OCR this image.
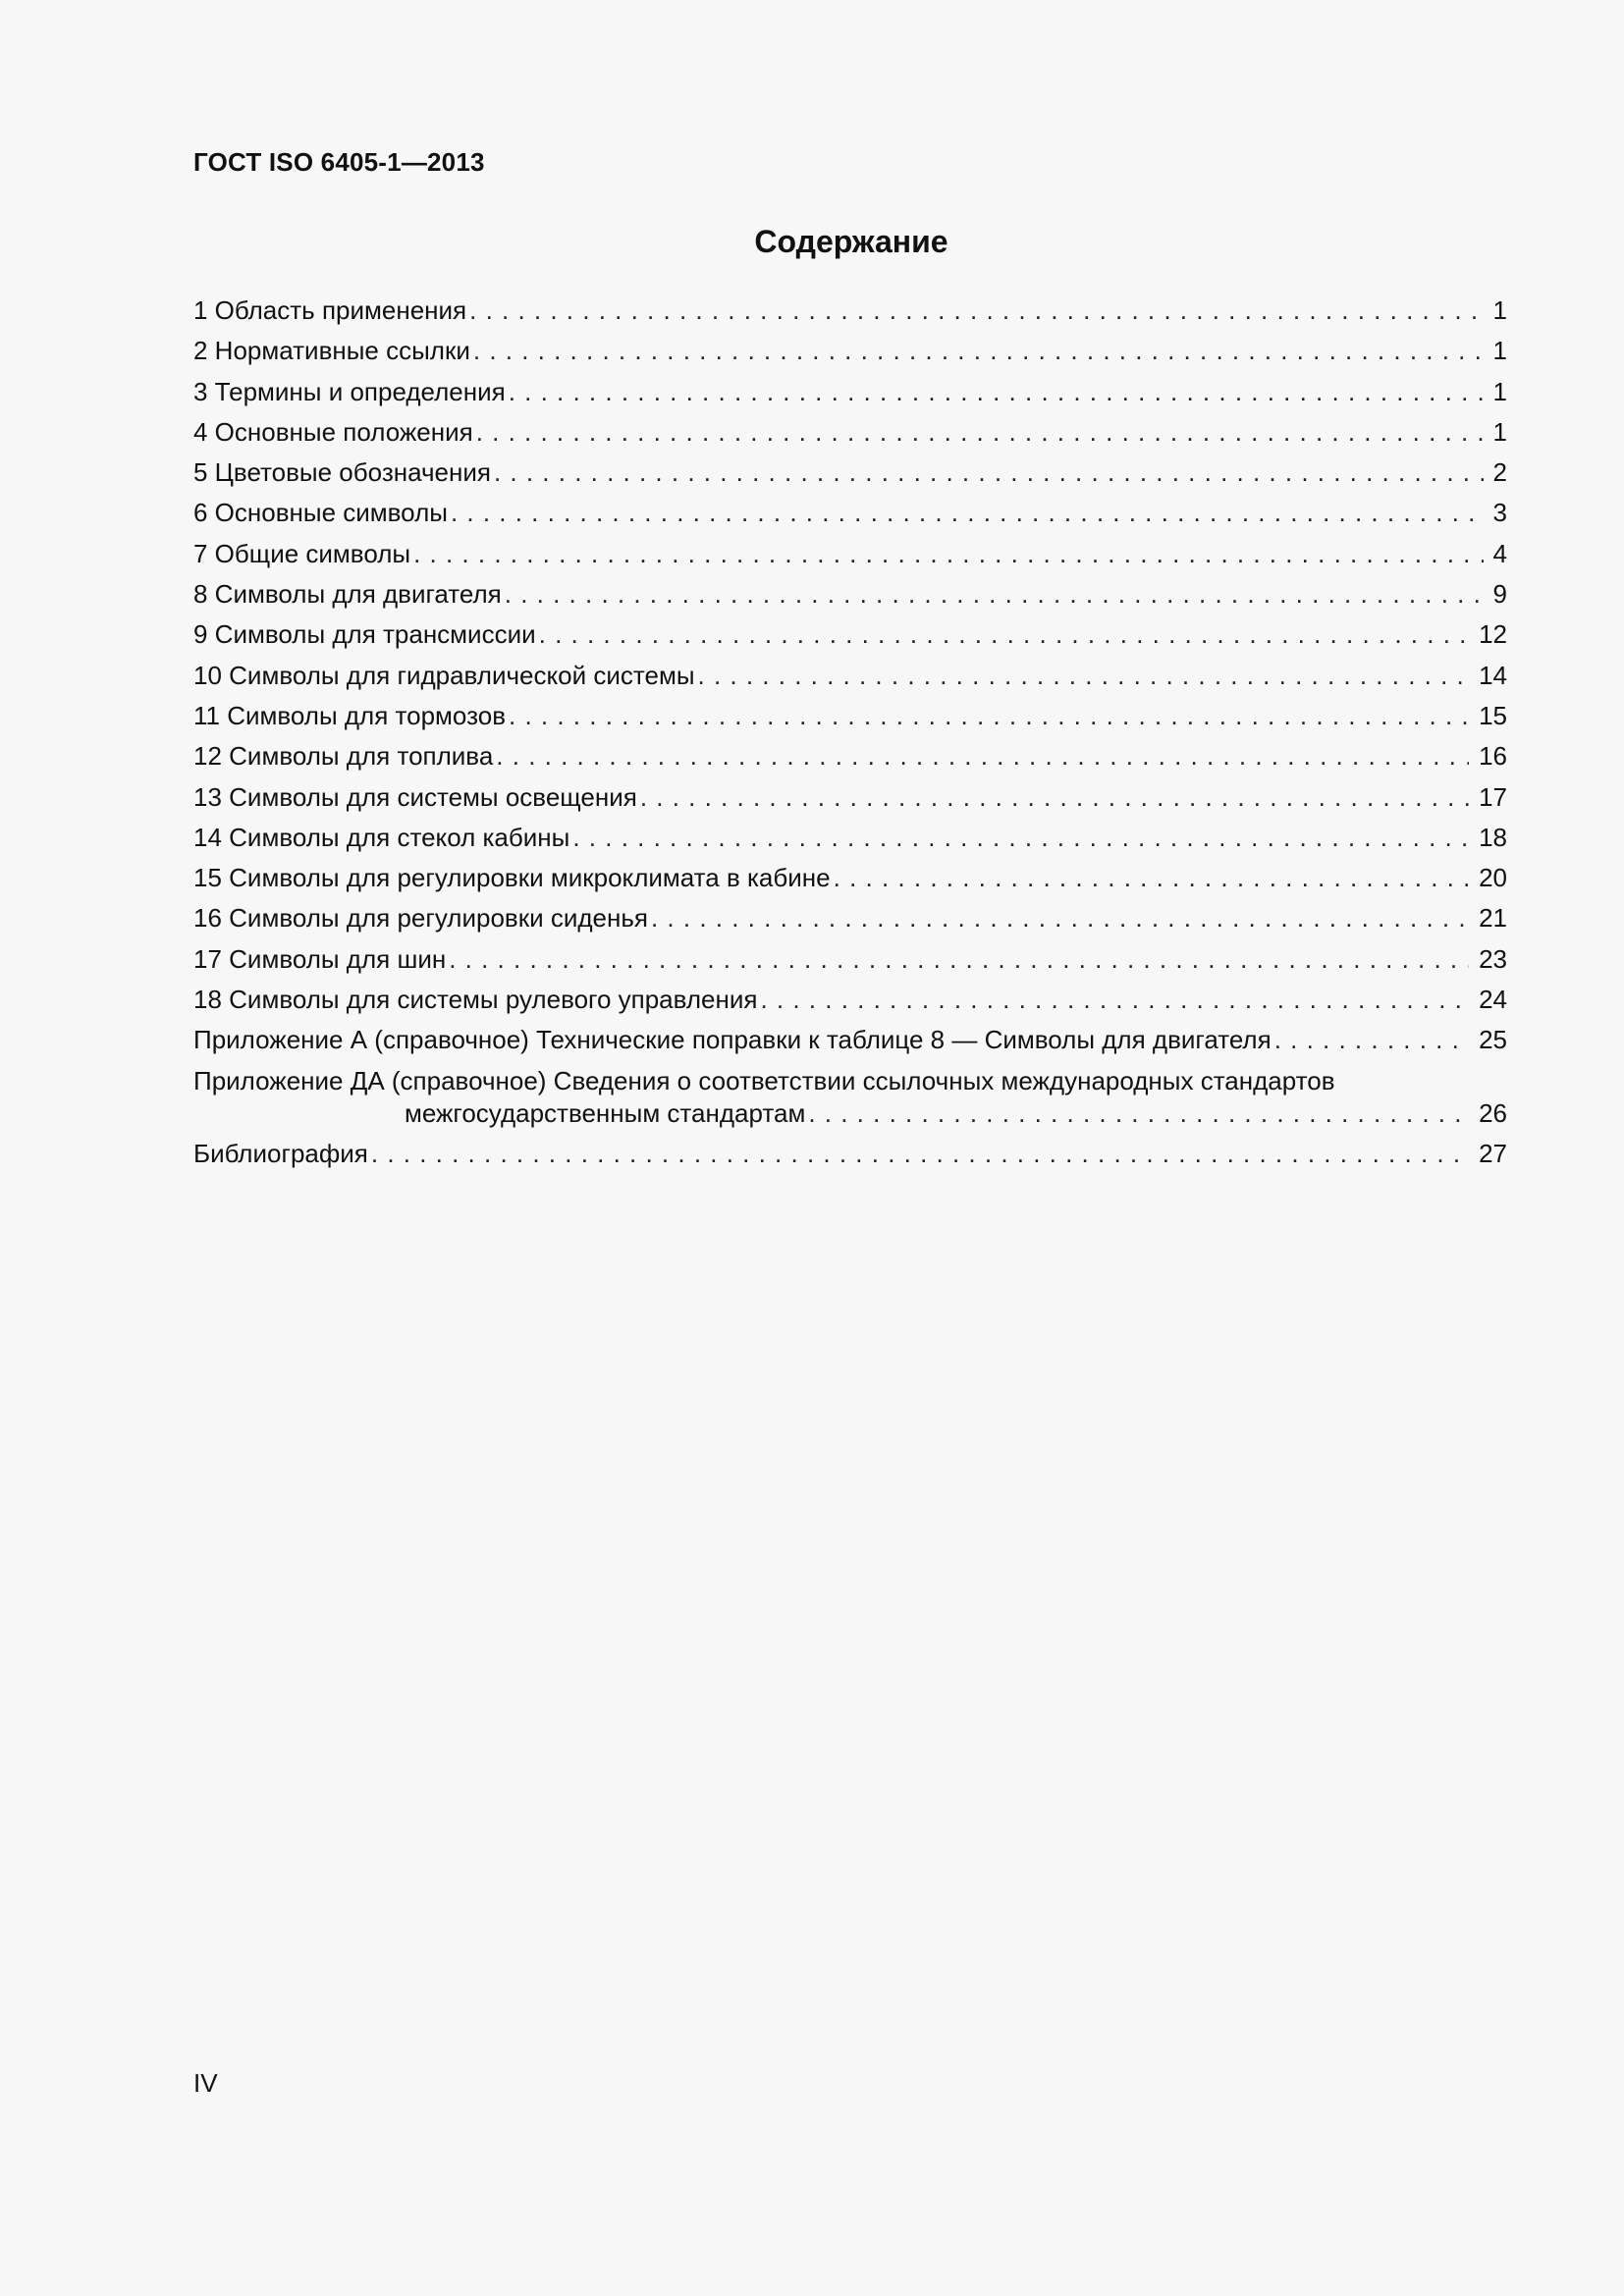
ГОСТ ISO 6405-1—2013
Содержание
1 Область применения . . .	1
2 Нормативные ссылки . . .	1
3 Термины и определения . . .	1
4 Основные положения . . .	1
5 Цветовые обозначения . . .	2
6 Основные символы . . .	3
7 Общие символы . . .	4
8 Символы для двигателя . . .	9
9 Символы для трансмиссии . . .	12
10 Символы для гидравлической системы . . .	14
11 Символы для тормозов . . .	15
12 Символы для топлива . . .	16
13 Символы для системы освещения . . .	17
14 Символы для стекол кабины . . .	18
15 Символы для регулировки микроклимата в кабине . . .	20
16 Символы для регулировки сиденья . . .	21
17 Символы для шин . . .	23
18 Символы для системы рулевого управления . . .	24
Приложение А (справочное) Технические поправки к таблице 8 — Символы для двигателя . . .	25
Приложение ДА (справочное) Сведения о соответствии ссылочных международных стандартов
межгосударственным стандартам . . .	26
Библиография . . .	27
IV
